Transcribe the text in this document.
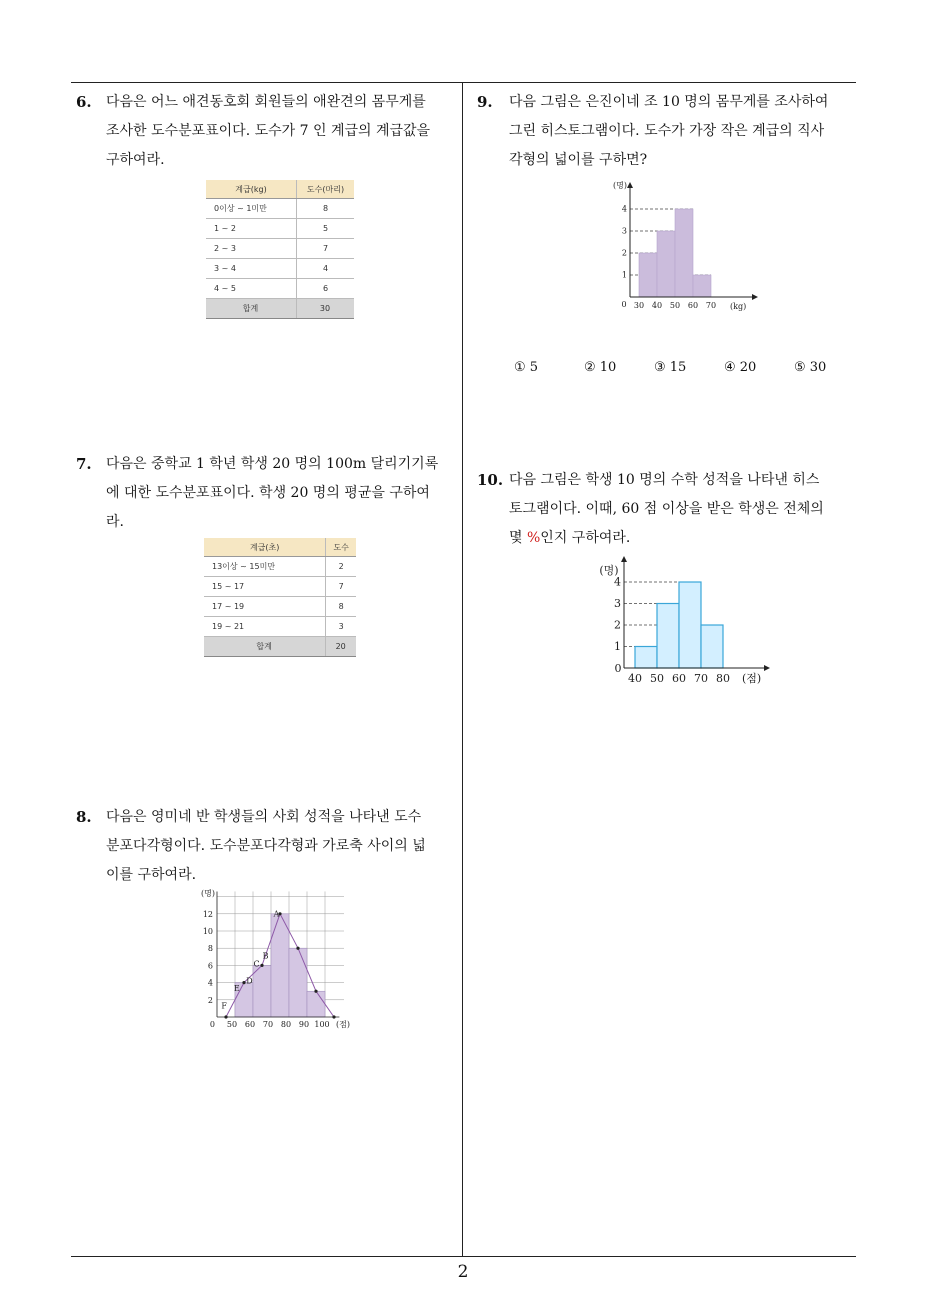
6. 다음은 어느 애견동호회 회원들의 애완견의 몸무게를
조사한 도수분포표이다. 도수가 7 인 계급의 계급값을
구하여라.
계급(kg)	도수(마리)
0이상 ~ 1미만	8
1 ~ 2	5
2 ~ 3	7
3 ~ 4	4
4 ~ 5	6
합계	30
7. 다음은 중학교 1 학년 학생 20 명의 100m 달리기기록
에 대한 도수분포표이다. 학생 20 명의 평균을 구하여
라.
계급(초)	도수
13이상 ~ 15미만	2
15 ~ 17	7
17 ~ 19	8
19 ~ 21	3
합계	20
8. 다음은 영미네 반 학생들의 사회 성적을 나타낸 도수
분포다각형이다. 도수분포다각형과 가로축 사이의 넓
이를 구하여라.
F
E
D
C
B
A
2
4
6
8
10
12
(명)
0 50 60 70 80 90 100 (점)
9. 다음 그림은 은진이네 조 10 명의 몸무게를 조사하여
그린 히스토그램이다. 도수가 가장 작은 계급의 직사
각형의 넓이를 구하면?
1
2
3
4
30 40 50 60 70
0	(kg)
(명)
① 5	② 10	③ 15	④ 20	⑤ 30
10. 다음 그림은 학생 10 명의 수학 성적을 나타낸 히스
토그램이다. 이때, 60 점 이상을 받은 학생은 전체의
몇 %인지 구하여라.
1
2
3
4
40 50 60 70 80
0
(점)
(명)
2
